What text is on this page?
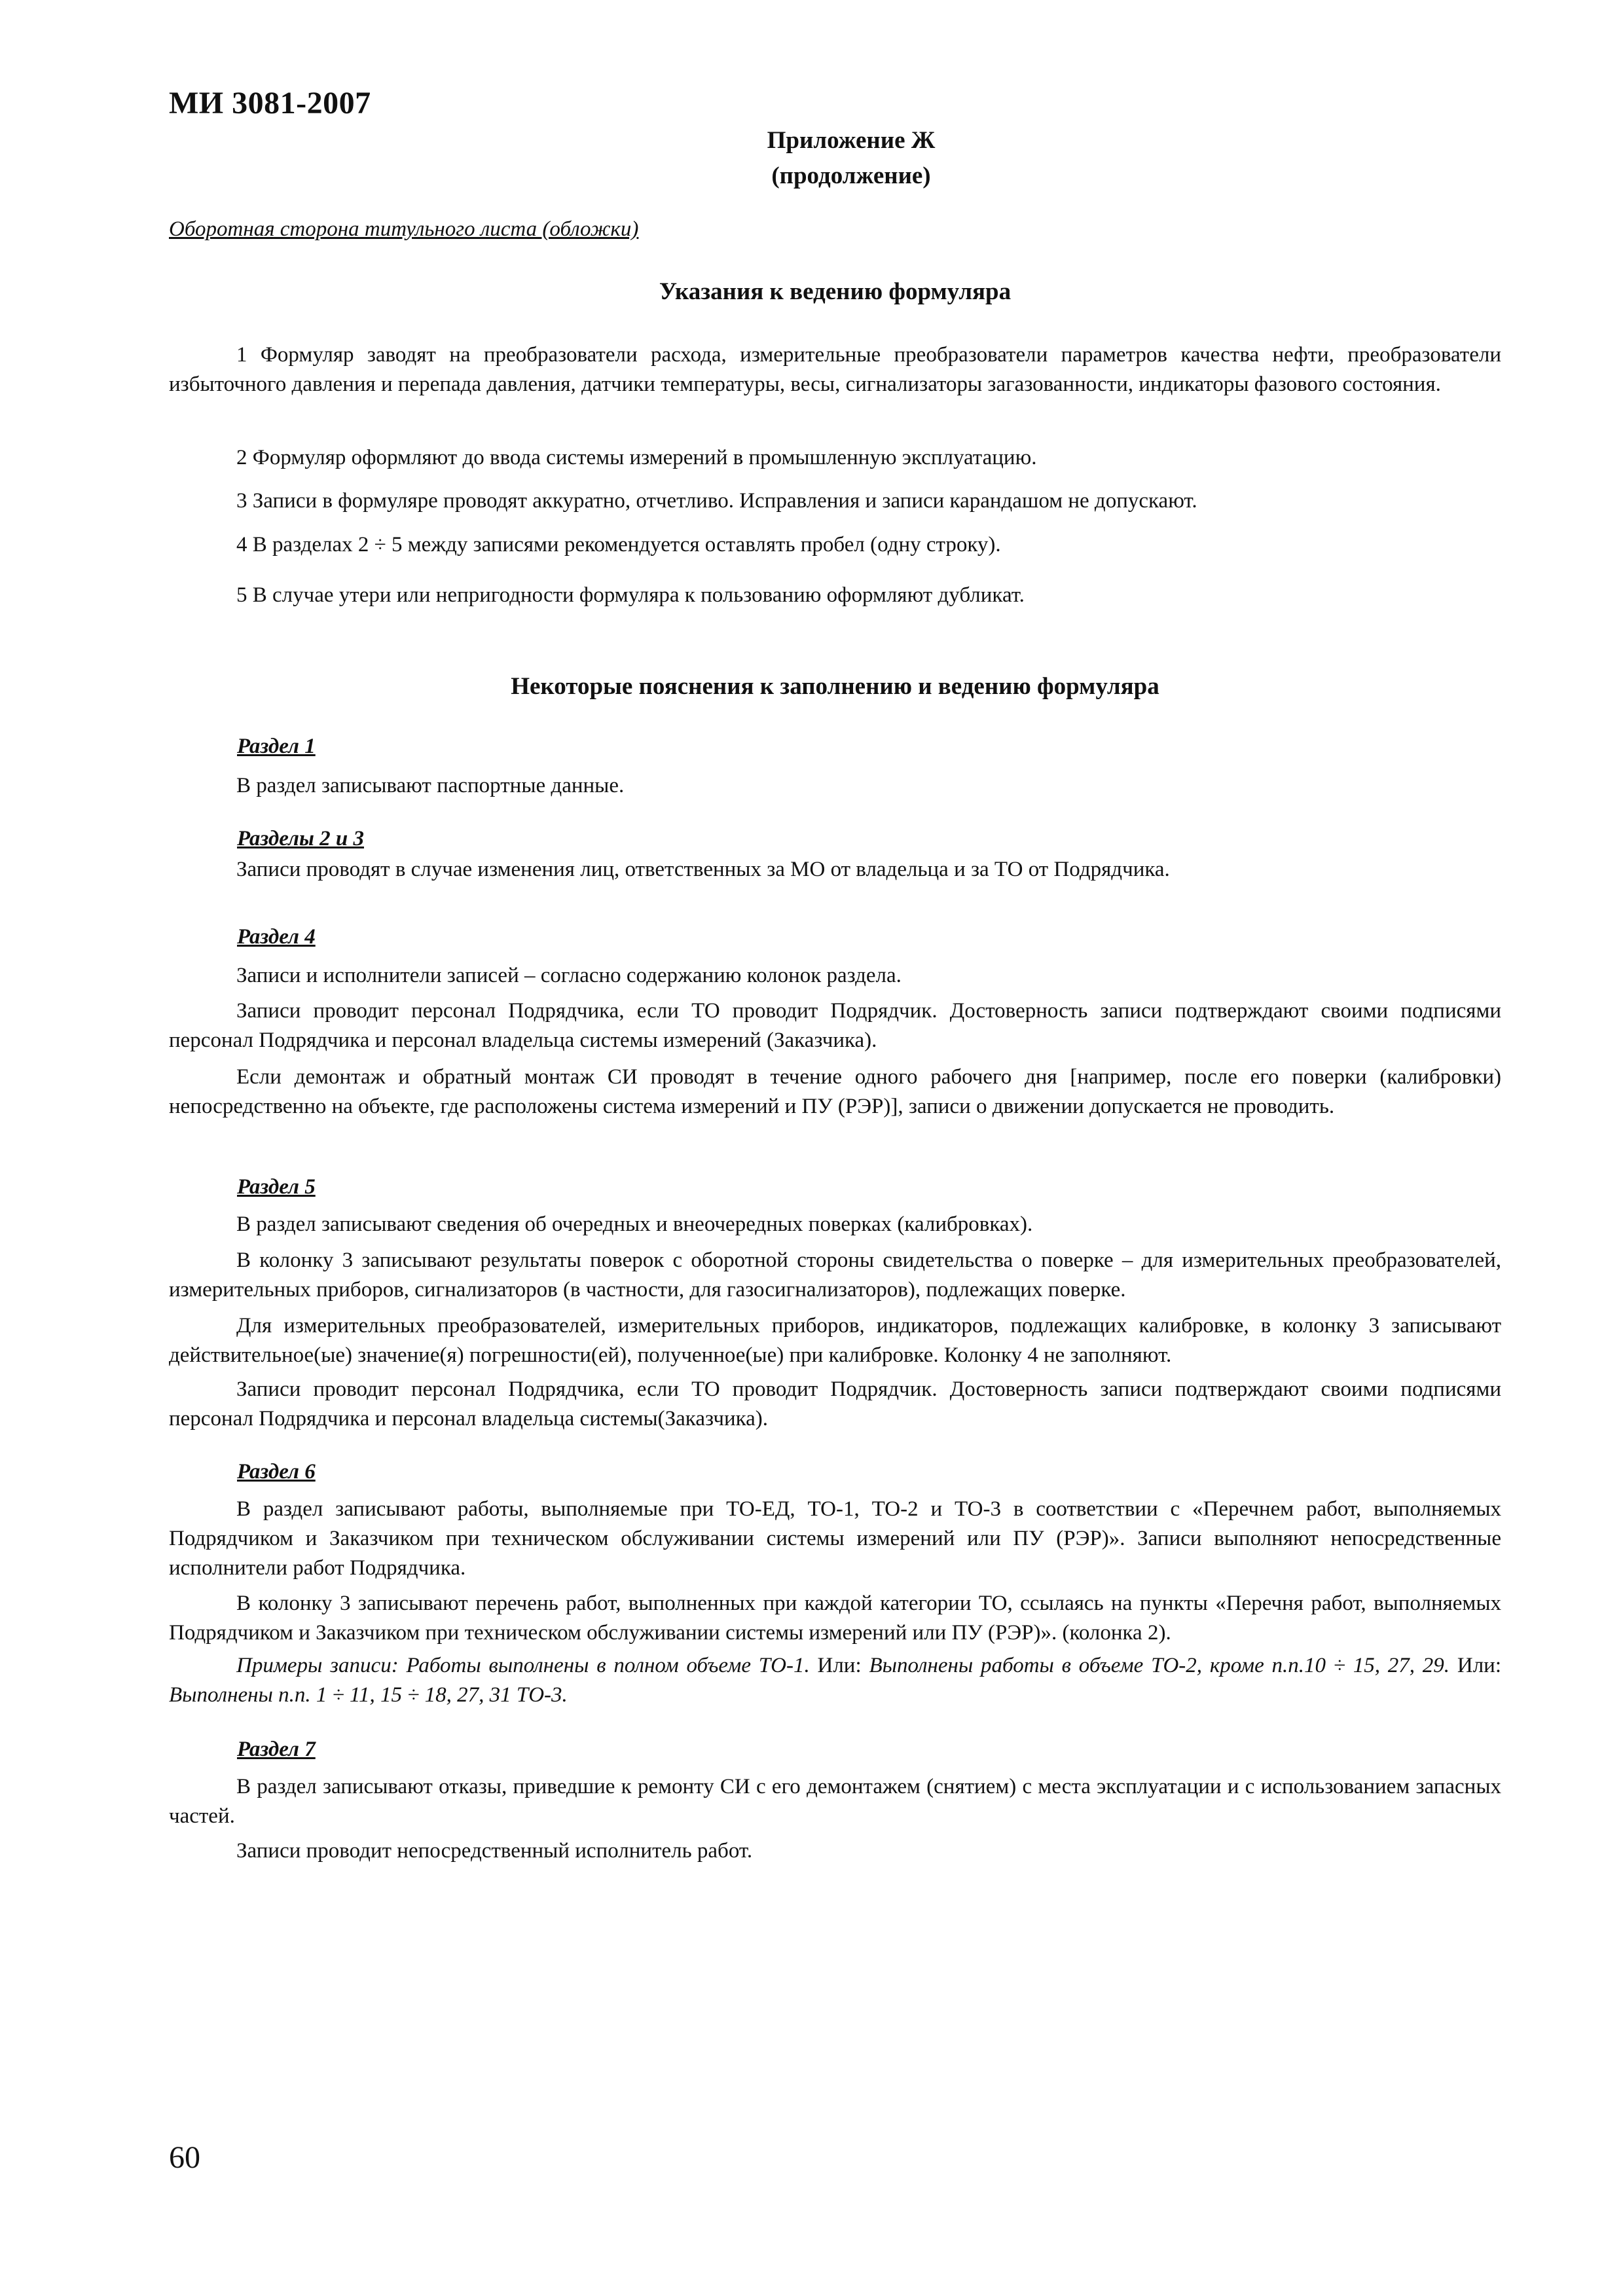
МИ 3081-2007
Приложение Ж
(продолжение)
Оборотная сторона титульного листа (обложки)
Указания к ведению формуляра
1 Формуляр заводят на преобразователи расхода, измерительные преобразователи параметров качества нефти, преобразователи избыточного давления и перепада давления, датчики температуры, весы, сигнализаторы загазованности, индикаторы фазового состояния.
2 Формуляр оформляют до ввода системы измерений в промышленную эксплуатацию.
3 Записи в формуляре проводят аккуратно, отчетливо. Исправления и записи карандашом не допускают.
4 В разделах 2 ÷ 5 между записями рекомендуется оставлять пробел (одну строку).
5 В случае утери или непригодности формуляра к пользованию оформляют дубликат.
Некоторые пояснения к заполнению и ведению формуляра
Раздел 1
В раздел записывают паспортные данные.
Разделы 2 и 3
Записи проводят в случае изменения лиц, ответственных за МО от владельца и за ТО от Подрядчика.
Раздел 4
Записи и исполнители записей – согласно содержанию колонок раздела.
Записи проводит персонал Подрядчика, если ТО проводит Подрядчик. Достоверность записи подтверждают своими подписями персонал Подрядчика и персонал владельца системы измерений (Заказчика).
Если демонтаж и обратный монтаж СИ проводят в течение одного рабочего дня [например, после его поверки (калибровки) непосредственно на объекте, где расположены система измерений и ПУ (РЭР)], записи о движении допускается не проводить.
Раздел 5
В раздел записывают сведения об очередных и внеочередных поверках (калибровках).
В колонку 3 записывают результаты поверок с оборотной стороны свидетельства о поверке – для измерительных преобразователей, измерительных приборов, сигнализаторов (в частности, для газосигнализаторов), подлежащих поверке.
Для измерительных преобразователей, измерительных приборов, индикаторов, подлежащих калибровке, в колонку 3 записывают действительное(ые) значение(я) погрешности(ей), полученное(ые) при калибровке. Колонку 4 не заполняют.
Записи проводит персонал Подрядчика, если ТО проводит Подрядчик. Достоверность записи подтверждают своими подписями персонал Подрядчика и персонал владельца системы(Заказчика).
Раздел 6
В раздел записывают работы, выполняемые при ТО-ЕД, ТО-1, ТО-2 и ТО-3 в соответствии с «Перечнем работ, выполняемых Подрядчиком и Заказчиком при техническом обслуживании системы измерений или ПУ (РЭР)». Записи выполняют непосредственные исполнители работ Подрядчика.
В колонку 3 записывают перечень работ, выполненных при каждой категории ТО, ссылаясь на пункты «Перечня работ, выполняемых Подрядчиком и Заказчиком при техническом обслуживании системы измерений или ПУ (РЭР)». (колонка 2).
Примеры записи: Работы выполнены в полном объеме ТО-1. Или: Выполнены работы в объеме ТО-2, кроме п.п.10 ÷ 15, 27, 29. Или: Выполнены п.п. 1 ÷ 11, 15 ÷ 18, 27, 31 ТО-3.
Раздел 7
В раздел записывают отказы, приведшие к ремонту СИ с его демонтажем (снятием) с места эксплуатации и с использованием запасных частей.
Записи проводит непосредственный исполнитель работ.
60
